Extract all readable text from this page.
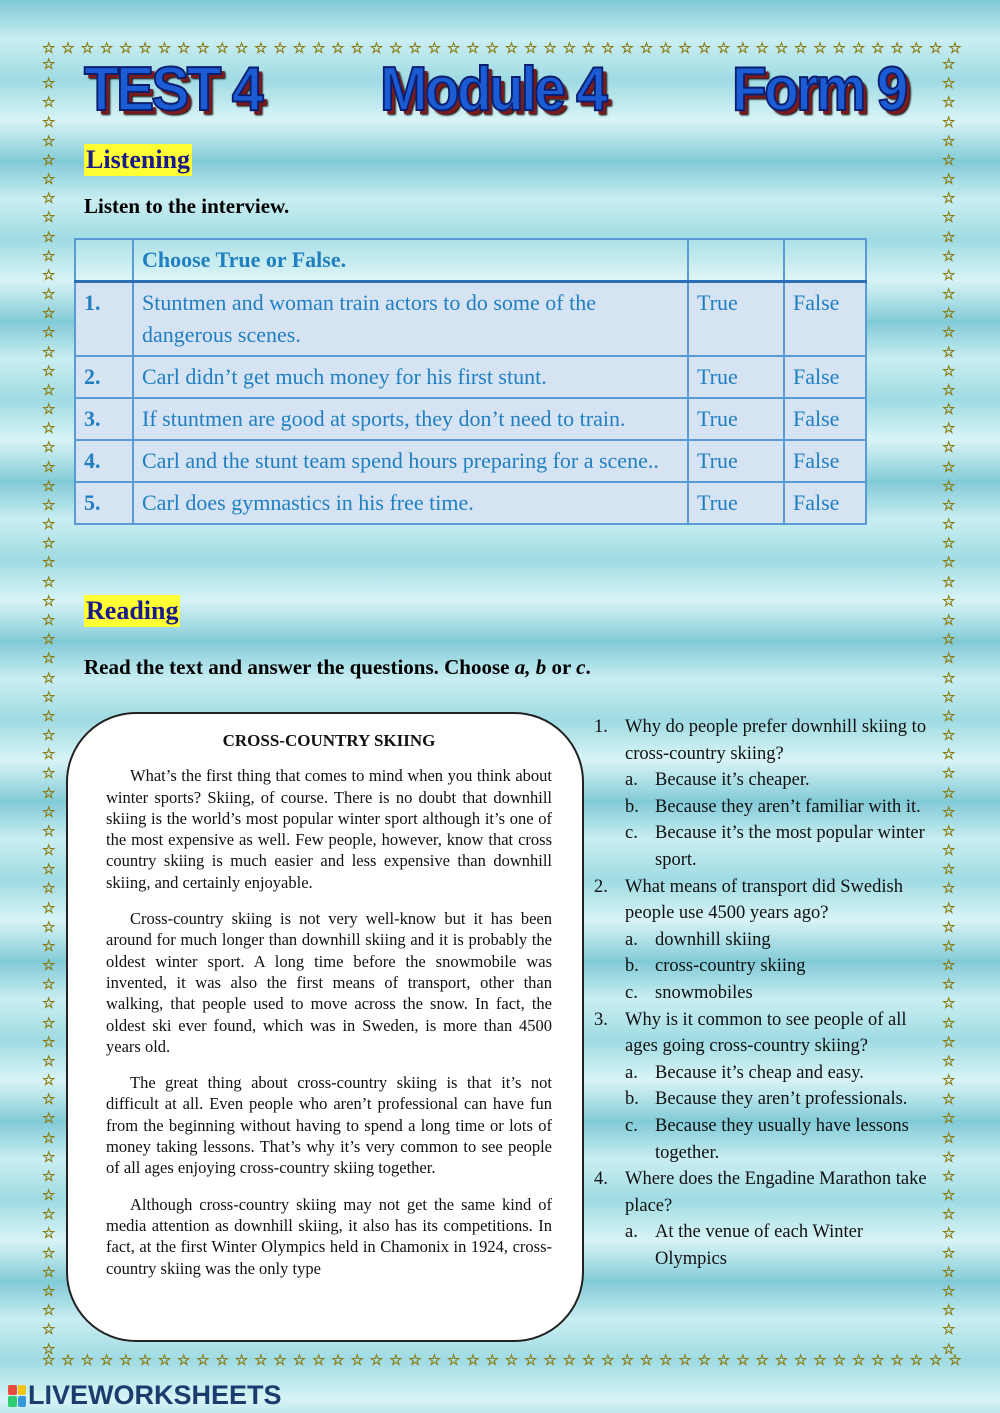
☆ ☆ ☆ ☆ ☆ ☆ ☆ ☆ ☆ ☆ ☆ ☆ ☆ ☆ ☆ ☆ ☆ ☆ ☆ ☆ ☆ ☆ ☆ ☆ ☆ ☆ ☆ ☆ ☆ ☆ ☆ ☆ ☆ ☆ ☆ ☆ ☆ ☆ ☆ ☆ ☆ ☆ ☆ ☆ ☆ ☆ ☆ ☆
☆ ☆ ☆ ☆ ☆ ☆ ☆ ☆ ☆ ☆ ☆ ☆ ☆ ☆ ☆ ☆ ☆ ☆ ☆ ☆ ☆ ☆ ☆ ☆ ☆ ☆ ☆ ☆ ☆ ☆ ☆ ☆ ☆ ☆ ☆ ☆ ☆ ☆ ☆ ☆ ☆ ☆ ☆ ☆ ☆ ☆ ☆ ☆
☆
☆
☆
☆
☆
☆
☆
☆
☆
☆
☆
☆
☆
☆
☆
☆
☆
☆
☆
☆
☆
☆
☆
☆
☆
☆
☆
☆
☆
☆
☆
☆
☆
☆
☆
☆
☆
☆
☆
☆
☆
☆
☆
☆
☆
☆
☆
☆
☆
☆
☆
☆
☆
☆
☆
☆
☆
☆
☆
☆
☆
☆
☆
☆
☆
☆
☆
☆
☆
☆
☆
☆
☆
☆
☆
☆
☆
☆
☆
☆
☆
☆
☆
☆
☆
☆
☆
☆
☆
☆
☆
☆
☆
☆
☆
☆
☆
☆
☆
☆
☆
☆
☆
☆
☆
☆
☆
☆
☆
☆
☆
☆
☆
☆
☆
☆
☆
☆
☆
☆
☆
☆
☆
☆
☆
☆
☆
☆
☆
☆
☆
☆
☆
☆
☆
☆
TEST 4 Module 4 Form 9
Listening
Listen to the interview.
	Choose True or False.		
1.	Stuntmen and woman train actors to do some of the dangerous scenes.	True	False
2.	Carl didn’t get much money for his first stunt.	True	False
3.	If stuntmen are good at sports, they don’t need to train.	True	False
4.	Carl and the stunt team spend hours preparing for a scene..	True	False
5.	Carl does gymnastics in his free time.	True	False
Reading
Read the text and answer the questions. Choose a, b or c.
CROSS-COUNTRY SKIING

What’s the first thing that comes to mind when you think about winter sports? Skiing, of course. There is no doubt that downhill skiing is the world’s most popular winter sport although it’s one of the most expensive as well. Few people, however, know that cross country skiing is much easier and less expensive than downhill skiing, and certainly enjoyable.

Cross-country skiing is not very well-know but it has been around for much longer than downhill skiing and it is probably the oldest winter sport. A long time before the snowmobile was invented, it was also the first means of transport, other than walking, that people used to move across the snow. In fact, the oldest ski ever found, which was in Sweden, is more than 4500 years old.

The great thing about cross-country skiing is that it’s not difficult at all. Even people who aren’t professional can have fun from the beginning without having to spend a long time or lots of money taking lessons. That’s why it’s very common to see people of all ages enjoying cross-country skiing together.

Although cross-country skiing may not get the same kind of media attention as downhill skiing, it also has its competitions. In fact, at the first Winter Olympics held in Chamonix in 1924, cross-country skiing was the only type

1. Why do people prefer downhill skiing to cross-country skiing?
a. Because it’s cheaper.
b. Because they aren’t familiar with it.
c. Because it’s the most popular winter sport.
2. What means of transport did Swedish people use 4500 years ago?
a. downhill skiing
b. cross-country skiing
c. snowmobiles
3. Why is it common to see people of all ages going cross-country skiing?
a. Because it’s cheap and easy.
b. Because they aren’t professionals.
c. Because they usually have lessons together.
4. Where does the Engadine Marathon take place?
a. At the venue of each Winter Olympics
LIVEWORKSHEETS
